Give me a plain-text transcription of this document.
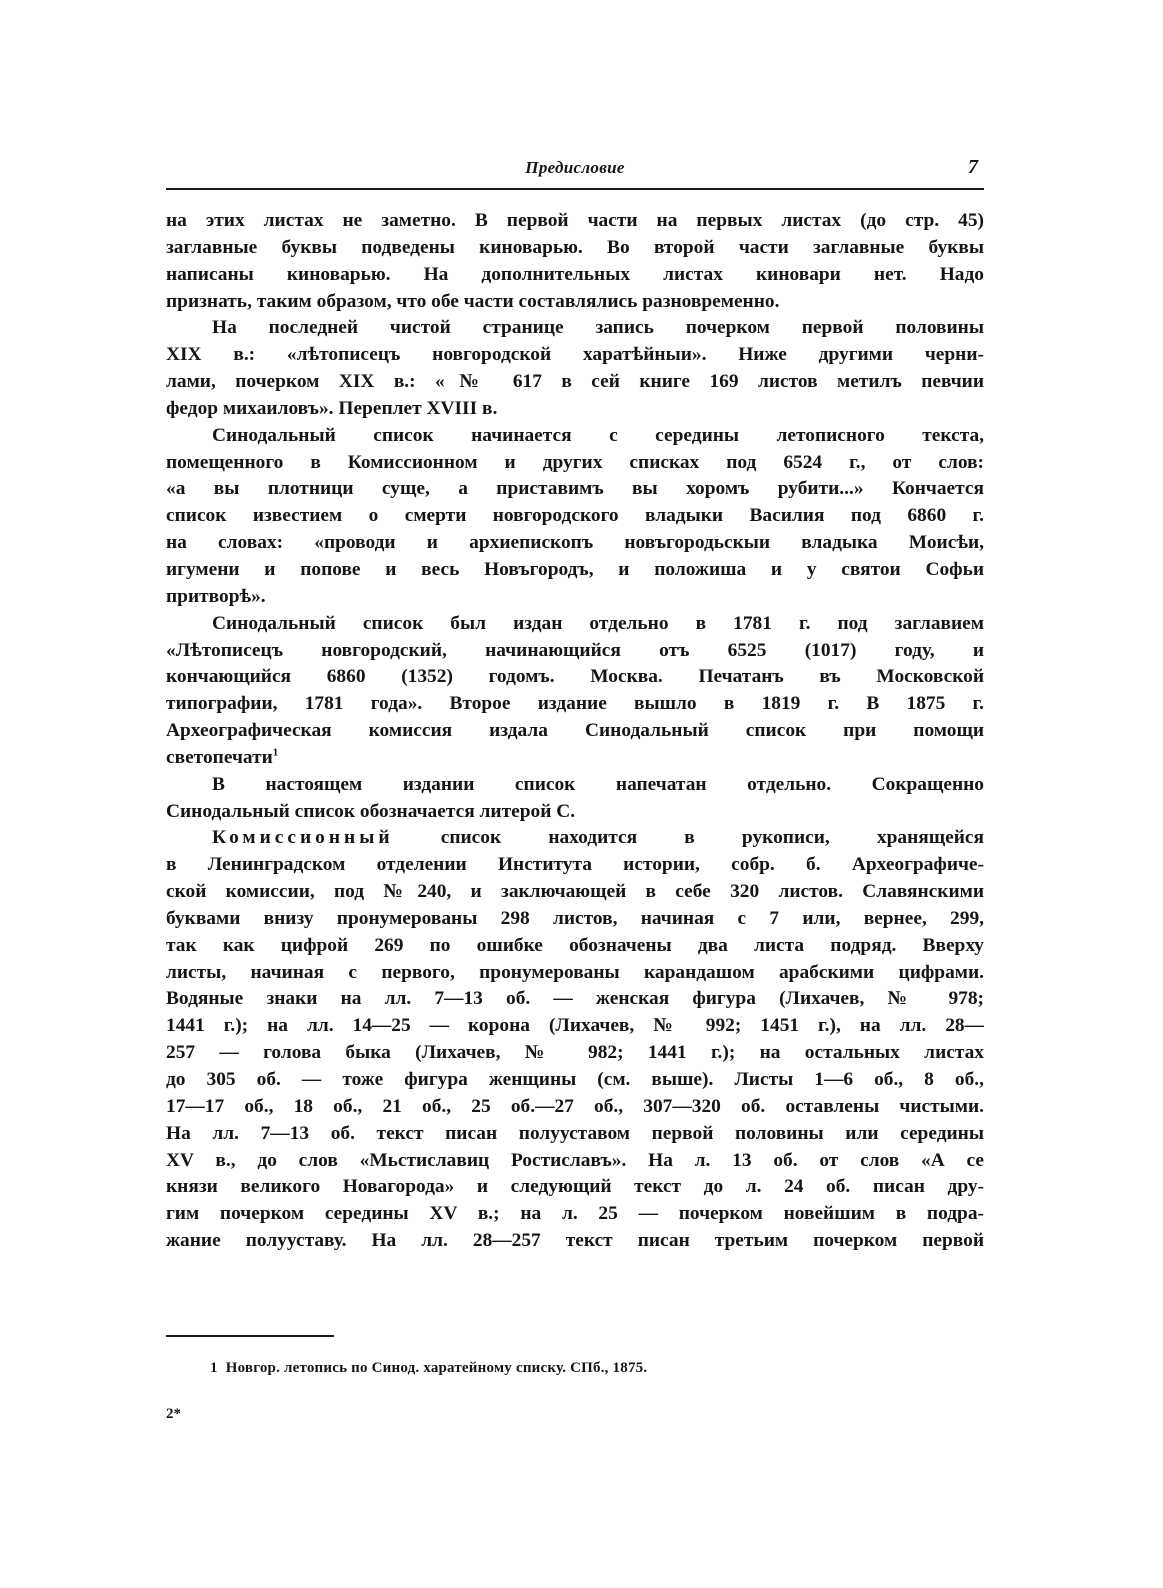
Предисловие	7
на этих листах не заметно. В первой части на первых листах (до стр. 45)
заглавные буквы подведены киноварью. Во второй части заглавные буквы
написаны киноварью. На дополнительных листах киновари нет. Надо
признать, таким образом, что обе части составлялись разновременно.
На последней чистой странице запись почерком первой половины
XIX в.: «лѣтописецъ новгородской харатѣйныи». Ниже другими черни-
лами, почерком XIX в.: «№ 617 в сей книге 169 листов метилъ певчии
федор михаиловъ». Переплет XVIII в.
Синодальный список начинается с середины летописного текста,
помещенного в Комиссионном и других списках под 6524 г., от слов:
«а вы плотници суще, а приставимъ вы хоромъ рубити...» Кончается
список известием о смерти новгородского владыки Василия под 6860 г.
на словах: «проводи и архиепископъ новъгородьскыи владыка Моисѣи,
игумени и попове и весь Новъгородъ, и положиша и у святои Софьи
притворѣ».
Синодальный список был издан отдельно в 1781 г. под заглавием
«Лѣтописецъ новгородский, начинающийся отъ 6525 (1017) году, и
кончающийся 6860 (1352) годомъ. Москва. Печатанъ въ Московской
типографии, 1781 года». Второе издание вышло в 1819 г. В 1875 г.
Археографическая комиссия издала Синодальный список при помощи
светопечати$^1$
В настоящем издании список напечатан отдельно. Сокращенно
Синодальный список обозначается литерой С.
Комиссионный список находится в рукописи, хранящейся
в Ленинградском отделении Института истории, собр. б. Археографиче-
ской комиссии, под №240, и заключающей в себе 320 листов. Славянскими
буквами внизу пронумерованы 298 листов, начиная с 7 или, вернее, 299,
так как цифрой 269 по ошибке обозначены два листа подряд. Вверху
листы, начиная с первого, пронумерованы карандашом арабскими цифрами.
Водяные знаки на лл. 7—13 об. — женская фигура (Лихачев, № 978;
1441 г.); на лл. 14—25 — корона (Лихачев, № 992; 1451 г.), на лл. 28—
257 — голова быка (Лихачев, № 982; 1441 г.); на остальных листах
до 305 об. — тоже фигура женщины (см. выше). Листы 1—6 об., 8 об.,
17—17 об., 18 об., 21 об., 25 об.—27 об., 307—320 об. оставлены чистыми.
На лл. 7—13 об. текст писан полууставом первой половины или середины
XV в., до слов «Мьстиславиц Ростиславъ». На л. 13 об. от слов «А се
князи великого Новагорода» и следующий текст до л. 24 об. писан дру-
гим почерком середины XV в.; на л. 25 — почерком новейшим в подра-
жание полууставу. На лл. 28—257 текст писан третьим почерком первой
1 Новгор. летопись по Синод. харатейному списку. СПб., 1875.
2*
